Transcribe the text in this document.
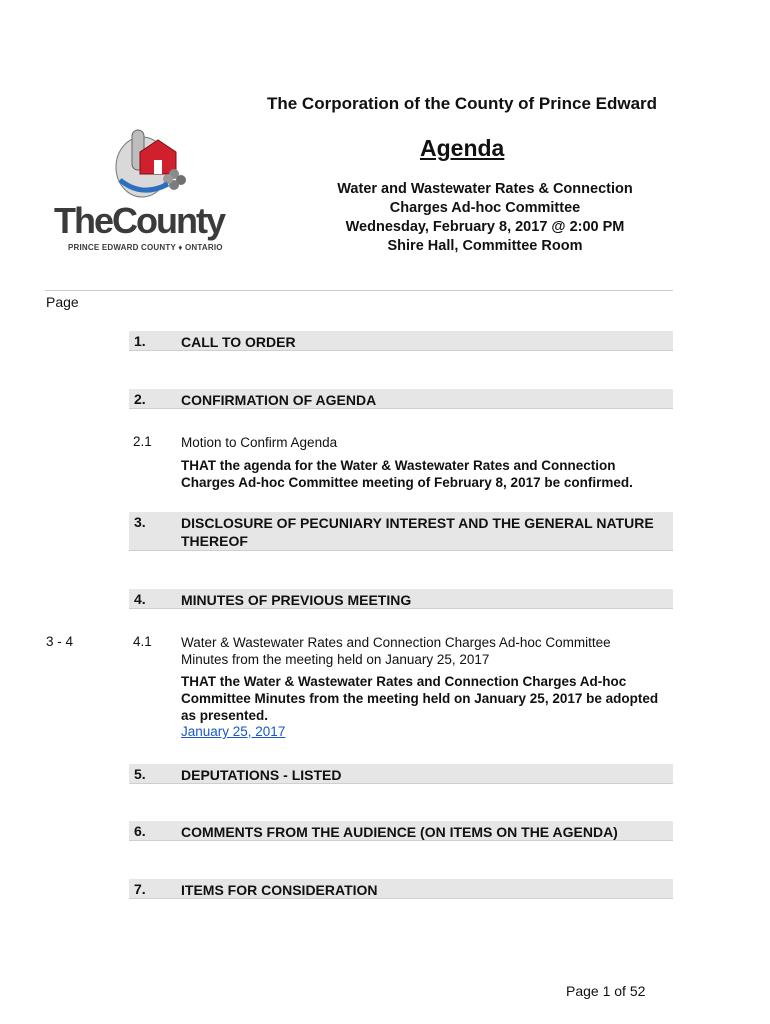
The Corporation of the County of Prince Edward
Agenda
Water and Wastewater Rates & Connection
Charges Ad-hoc Committee
Wednesday, February 8, 2017 @ 2:00 PM
Shire Hall, Committee Room
TheCounty
PRINCE EDWARD COUNTY ♦ ONTARIO
Page
1.	CALL TO ORDER
2.	CONFIRMATION OF AGENDA
2.1 Motion to Confirm Agenda
THAT the agenda for the Water & Wastewater Rates and Connection Charges Ad-hoc Committee meeting of February 8, 2017 be confirmed.
3.	DISCLOSURE OF PECUNIARY INTEREST AND THE GENERAL NATURE THEREOF
4.	MINUTES OF PREVIOUS MEETING
3 - 4	4.1 Water & Wastewater Rates and Connection Charges Ad-hoc Committee Minutes from the meeting held on January 25, 2017
THAT the Water & Wastewater Rates and Connection Charges Ad-hoc Committee Minutes from the meeting held on January 25, 2017 be adopted as presented.
January 25, 2017
5.	DEPUTATIONS - LISTED
6.	COMMENTS FROM THE AUDIENCE (ON ITEMS ON THE AGENDA)
7.	ITEMS FOR CONSIDERATION
Page 1 of 52
